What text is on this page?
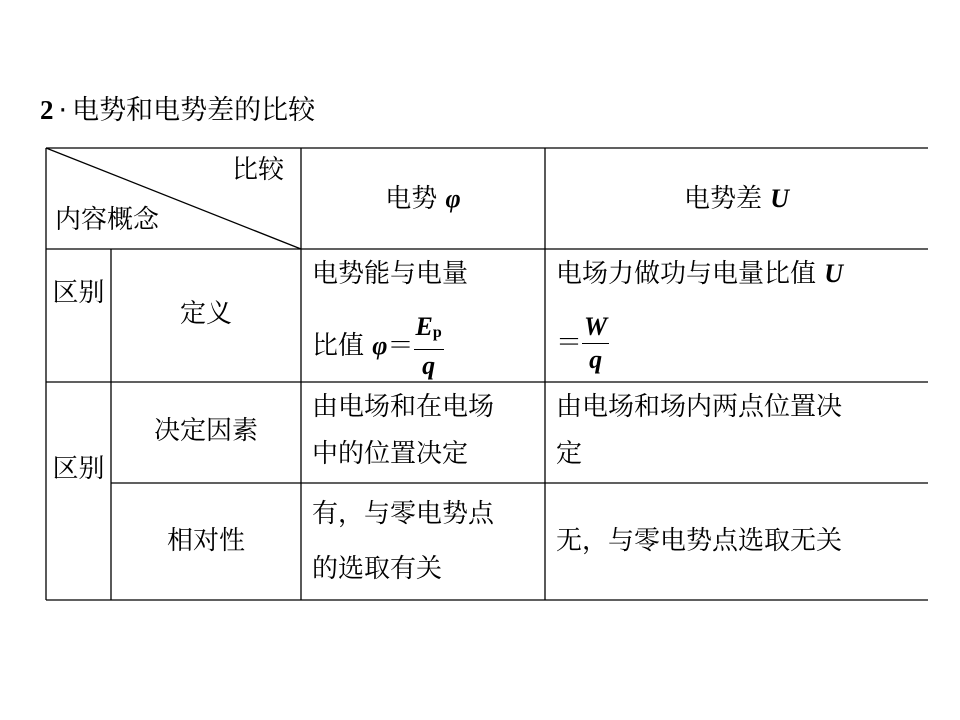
2 · 电势和电势差的比较
比较
内容概念
电势 φ	电势差 U
区别
定义
电势能与电量
比值 $\varphi= \frac{E_p}{q}$
电场力做功与电量比值 U
＝ $\frac{W}{q}$
区别
决定因素
由电场和在电场
中的位置决定
由电场和场内两点位置决
定
相对性
有，与零电势点
的选取有关
无，与零电势点选取无关
